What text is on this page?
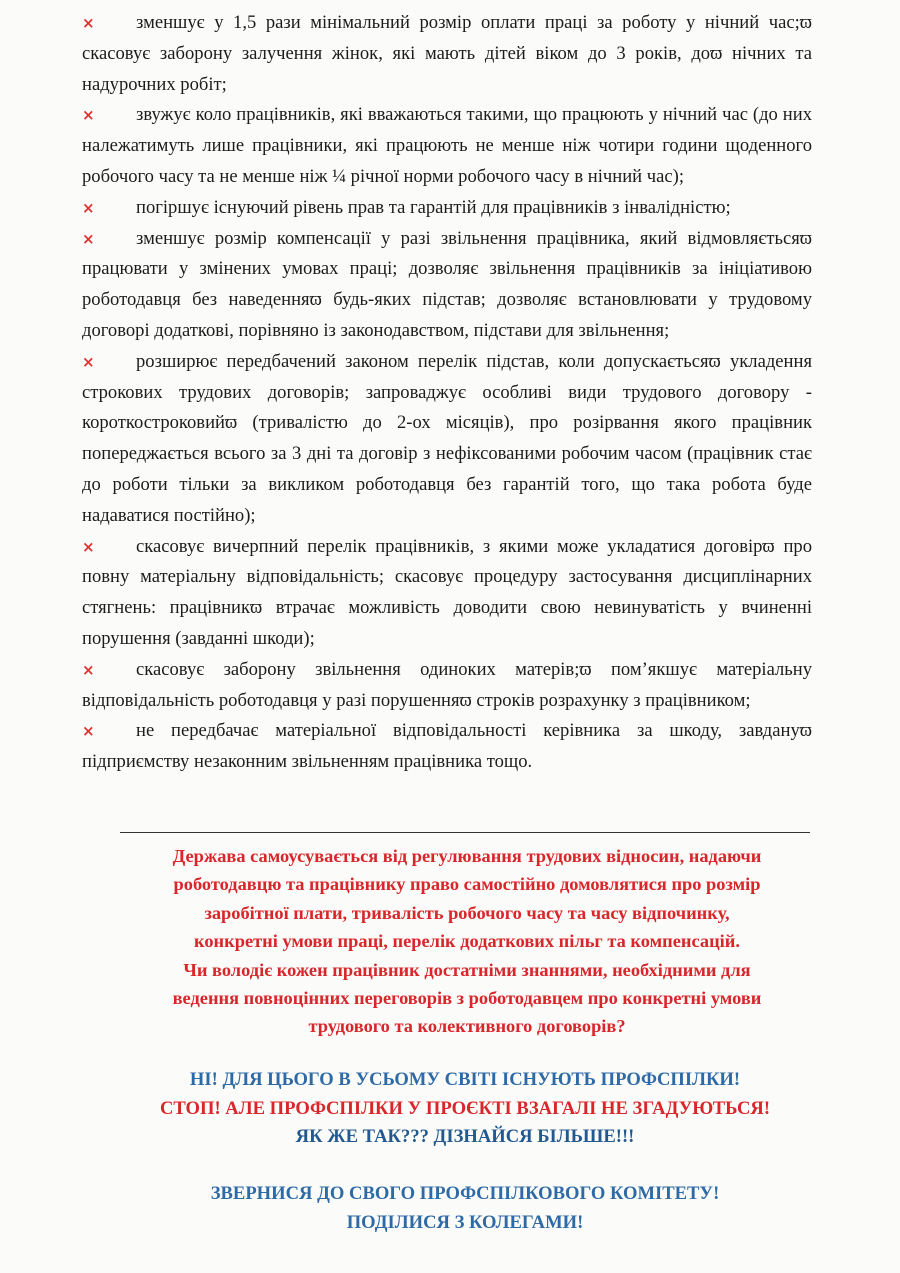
× зменшує у 1,5 рази мінімальний розмір оплати праці за роботу у нічний час;ϖ скасовує заборону залучення жінок, які мають дітей віком до 3 років, доϖ нічних та надурочних робіт;

× звужує коло працівників, які вважаються такими, що працюють у нічний час (до них належатимуть лише працівники, які працюють не менше ніж чотири години щоденного робочого часу та не менше ніж ¼ річної норми робочого часу в нічний час);

× погіршує існуючий рівень прав та гарантій для працівників з інвалідністю;

× зменшує розмір компенсації у разі звільнення працівника, який відмовляєтьсяϖ працювати у змінених умовах праці; дозволяє звільнення працівників за ініціативою роботодавця без наведенняϖ будь-яких підстав; дозволяє встановлювати у трудовому договорі додаткові, порівняно із законодавством, підстави для звільнення;

× розширює передбачений законом перелік підстав, коли допускаєтьсяϖ укладення строкових трудових договорів; запроваджує особливі види трудового договору - короткостроковийϖ (тривалістю до 2-ох місяців), про розірвання якого працівник попереджається всього за 3 дні та договір з нефіксованими робочим часом (працівник стає до роботи тільки за викликом роботодавця без гарантій того, що така робота буде надаватися постійно);

× скасовує вичерпний перелік працівників, з якими може укладатися договірϖ про повну матеріальну відповідальність; скасовує процедуру застосування дисциплінарних стягнень: працівникϖ втрачає можливість доводити свою невинуватість у вчиненні порушення (завданні шкоди);

× скасовує заборону звільнення одиноких матерів;ϖ пом’якшує матеріальну відповідальність роботодавця у разі порушенняϖ строків розрахунку з працівником;

× не передбачає матеріальної відповідальності керівника за шкоду, завдануϖ підприємству незаконним звільненням працівника тощо.

Держава самоусувається від регулювання трудових відносин, надаючи

роботодавцю та працівнику право самостійно домовлятися про розмір

заробітної плати, тривалість робочого часу та часу відпочинку,

конкретні умови праці, перелік додаткових пільг та компенсацій.

Чи володіє кожен працівник достатніми знаннями, необхідними для

ведення повноцінних переговорів з роботодавцем про конкретні умови

трудового та колективного договорів?

НІ! ДЛЯ ЦЬОГО В УСЬОМУ СВІТІ ІСНУЮТЬ ПРОФСПІЛКИ!

СТОП! АЛЕ ПРОФСПІЛКИ У ПРОЄКТІ ВЗАГАЛІ НЕ ЗГАДУЮТЬСЯ!

ЯК ЖЕ ТАК??? ДІЗНАЙСЯ БІЛЬШЕ!!!

ЗВЕРНИСЯ ДО СВОГО ПРОФСПІЛКОВОГО КОМІТЕТУ!

ПОДІЛИСЯ З КОЛЕГАМИ!
